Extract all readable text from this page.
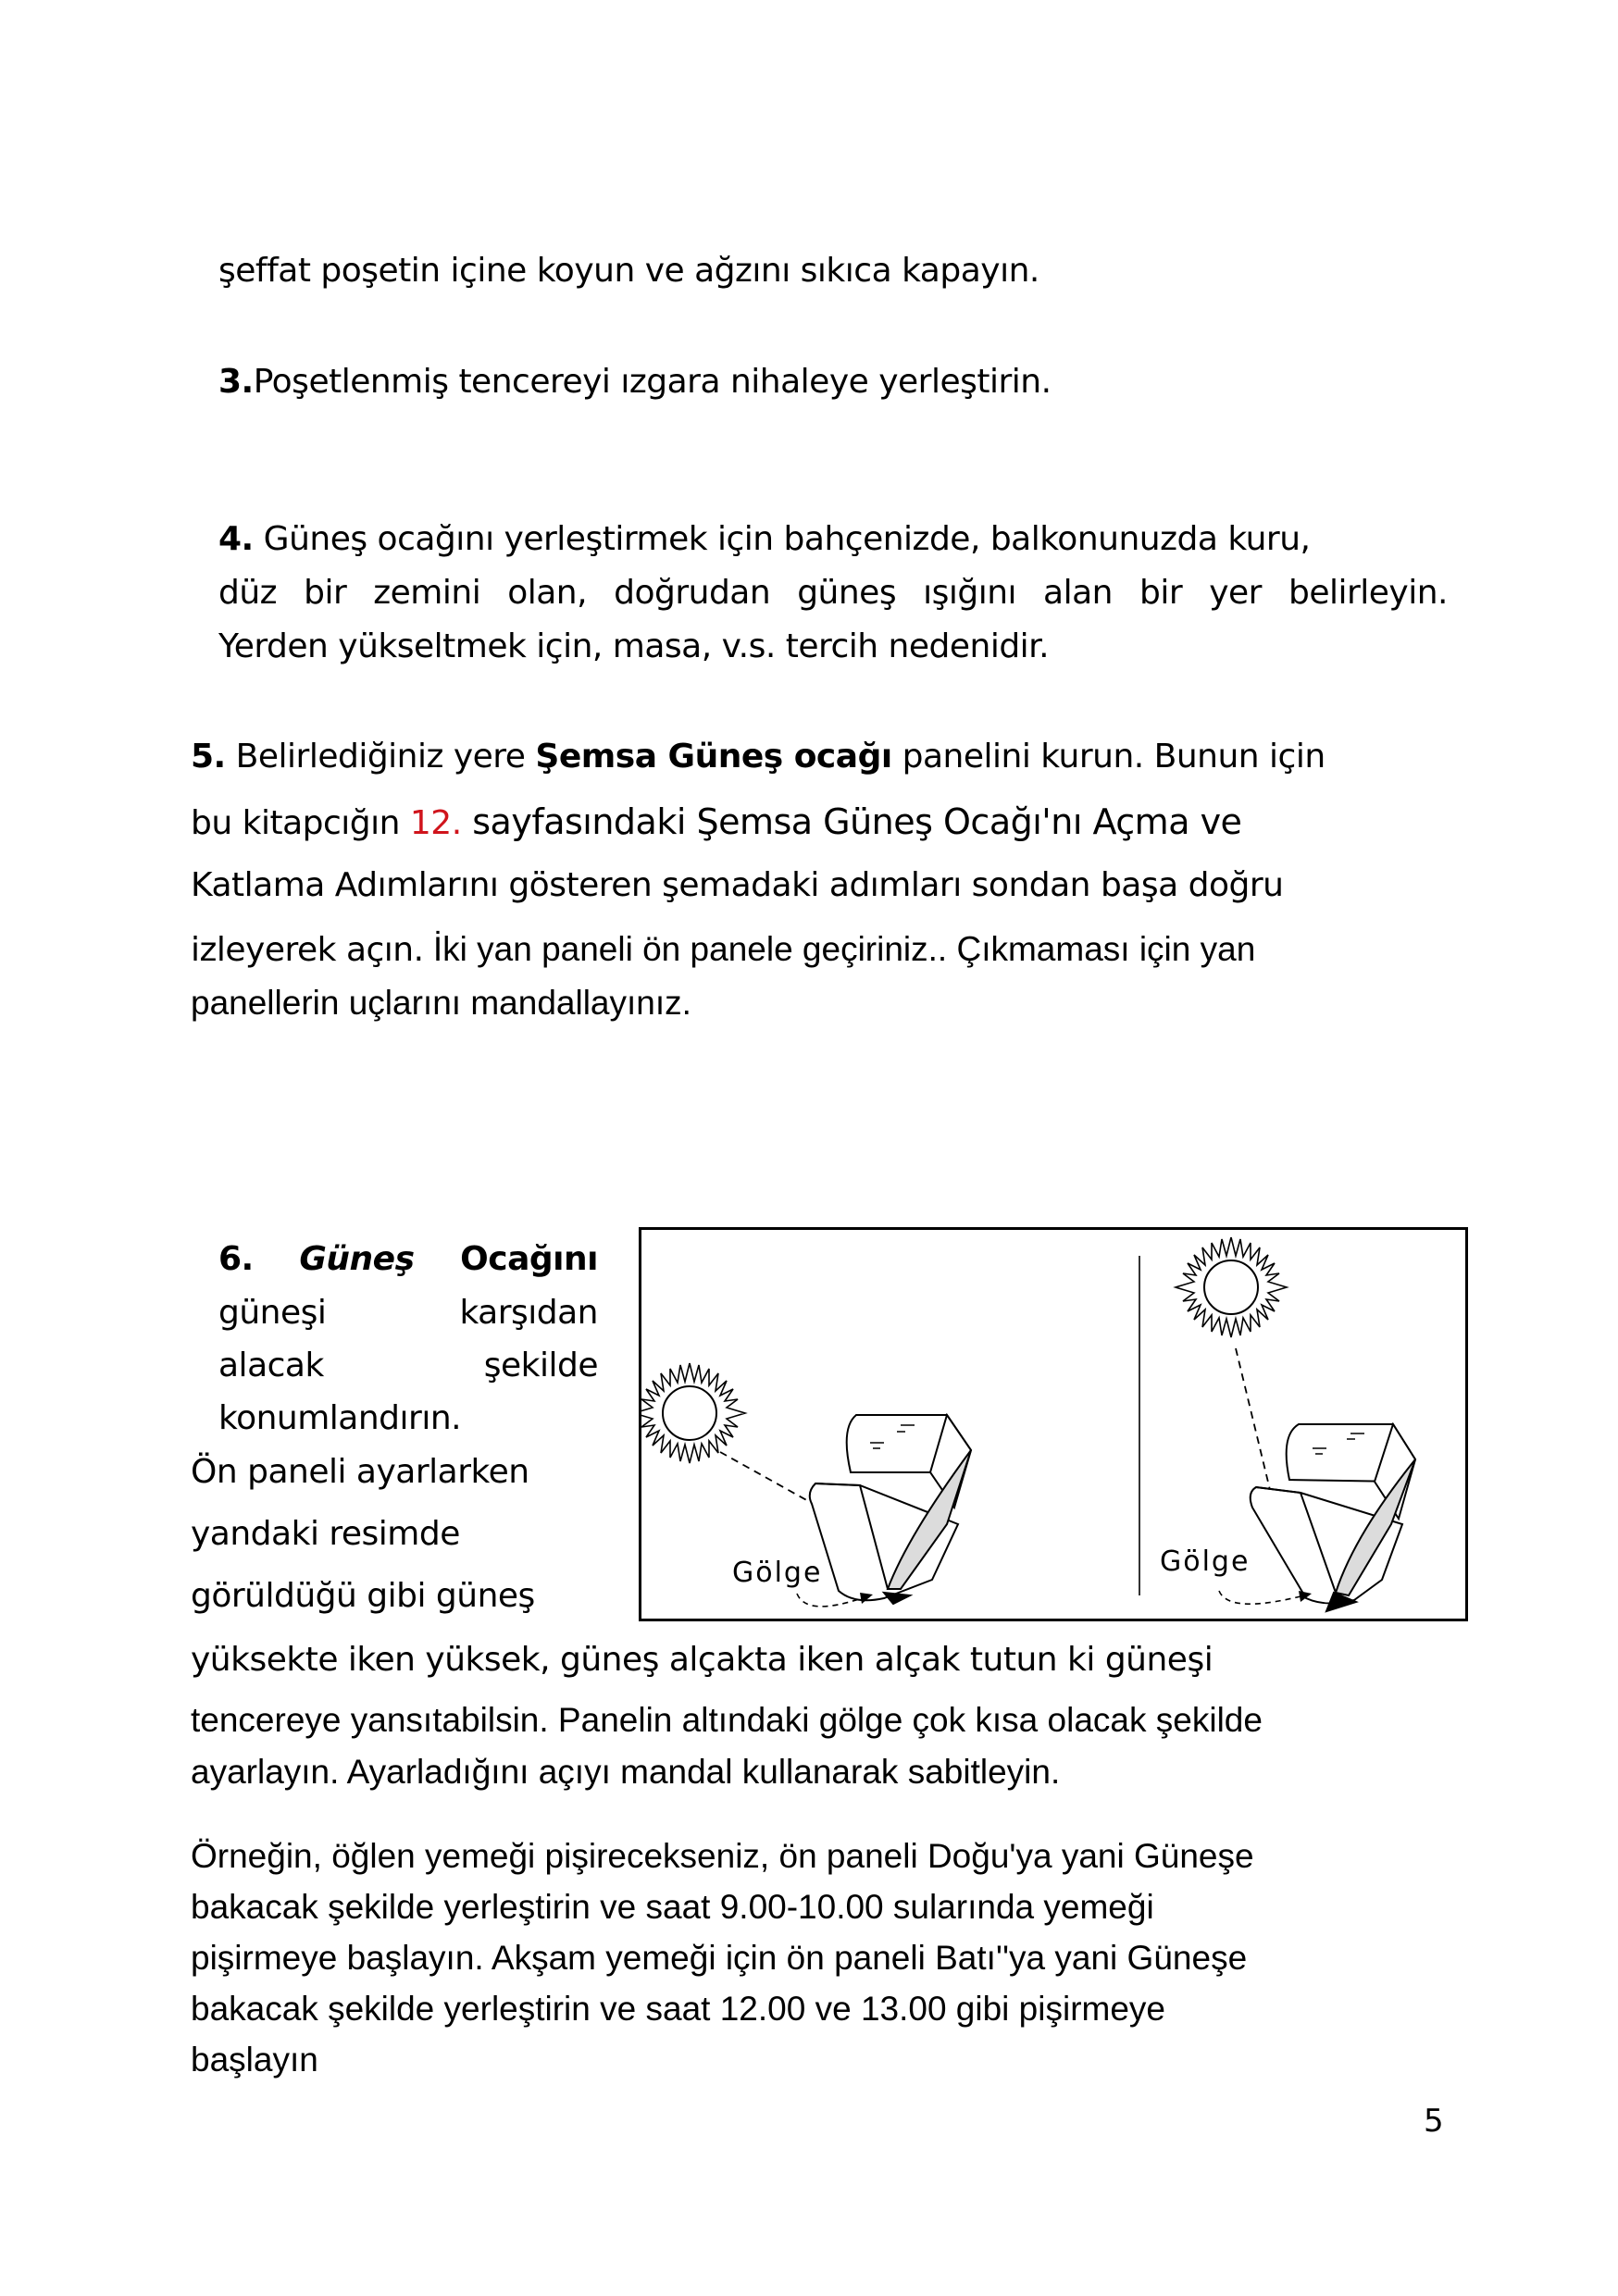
şeffat poşetin içine koyun ve ağzını sıkıca kapayın.
3.Poşetlenmiş tencereyi ızgara nihaleye yerleştirin.
4. Güneş ocağını yerleştirmek için bahçenizde, balkonunuzda kuru,
düz bir zemini olan, doğrudan güneş ışığını alan bir yer belirleyin.
Yerden yükseltmek için, masa, v.s. tercih nedenidir.
5. Belirlediğiniz yere Şemsa Güneş ocağı panelini kurun. Bunun için
bu kitapcığın 12. sayfasındaki Şemsa Güneş Ocağı'nı Açma ve
Katlama Adımlarını gösteren şemadaki adımları sondan başa doğru
izleyerek açın. İki yan paneli ön panele geçiriniz.. Çıkmaması için yan
panellerin uçlarını mandallayınız.
6. Güneş Ocağını
güneşi	karşıdan
alacak	şekilde
konumlandırın.
Ön paneli ayarlarken
yandaki resimde
görüldüğü gibi güneş
yüksekte iken yüksek, güneş alçakta iken alçak tutun ki güneşi
tencereye yansıtabilsin. Panelin altındaki gölge çok kısa olacak şekilde
ayarlayın. Ayarladığını açıyı mandal kullanarak sabitleyin.
Gölge	Gölge
Örneğin, öğlen yemeği pişirecekseniz, ön paneli Doğu'ya yani Güneşe
bakacak şekilde yerleştirin ve saat 9.00-10.00 sularında yemeği
pişirmeye başlayın. Akşam yemeği için ön paneli Batı''ya yani Güneşe
bakacak şekilde yerleştirin ve saat 12.00 ve 13.00 gibi pişirmeye
başlayın
5
